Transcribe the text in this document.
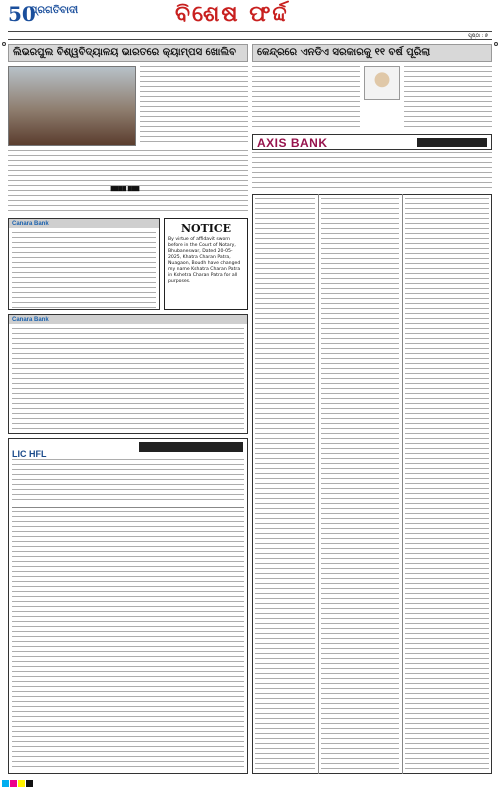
50
ପ୍ରଗତିବାଦୀ	ବିଶେଷ ଫର୍ଦ୍ଦ
ପୃଷ୍ଠା : ୭
ଲିଭରପୁଲ ବିଶ୍ୱବିଦ୍ୟାଳୟ ଭାରତରେ କ୍ୟାମ୍ପସ ଖୋଲିବ	କେନ୍ଦ୍ରରେ ଏନଡିଏ ସରକାରକୁ ୧୧ ବର୍ଷ ପୂରିଲା
AXIS BANK
▇▇▇▇ ▇▇▇
Canara Bank	NOTICE
By virtue of affidavit sworn before in the Court of Notary, Bhubaneswar, Dated 20-05-2025, Khatra Charan Patra, Nuagaon, Boudh have changed my name Kshatra Charan Patra in Kshetra Charan Patra for all purposes.
Canara Bank
LIC HFL
